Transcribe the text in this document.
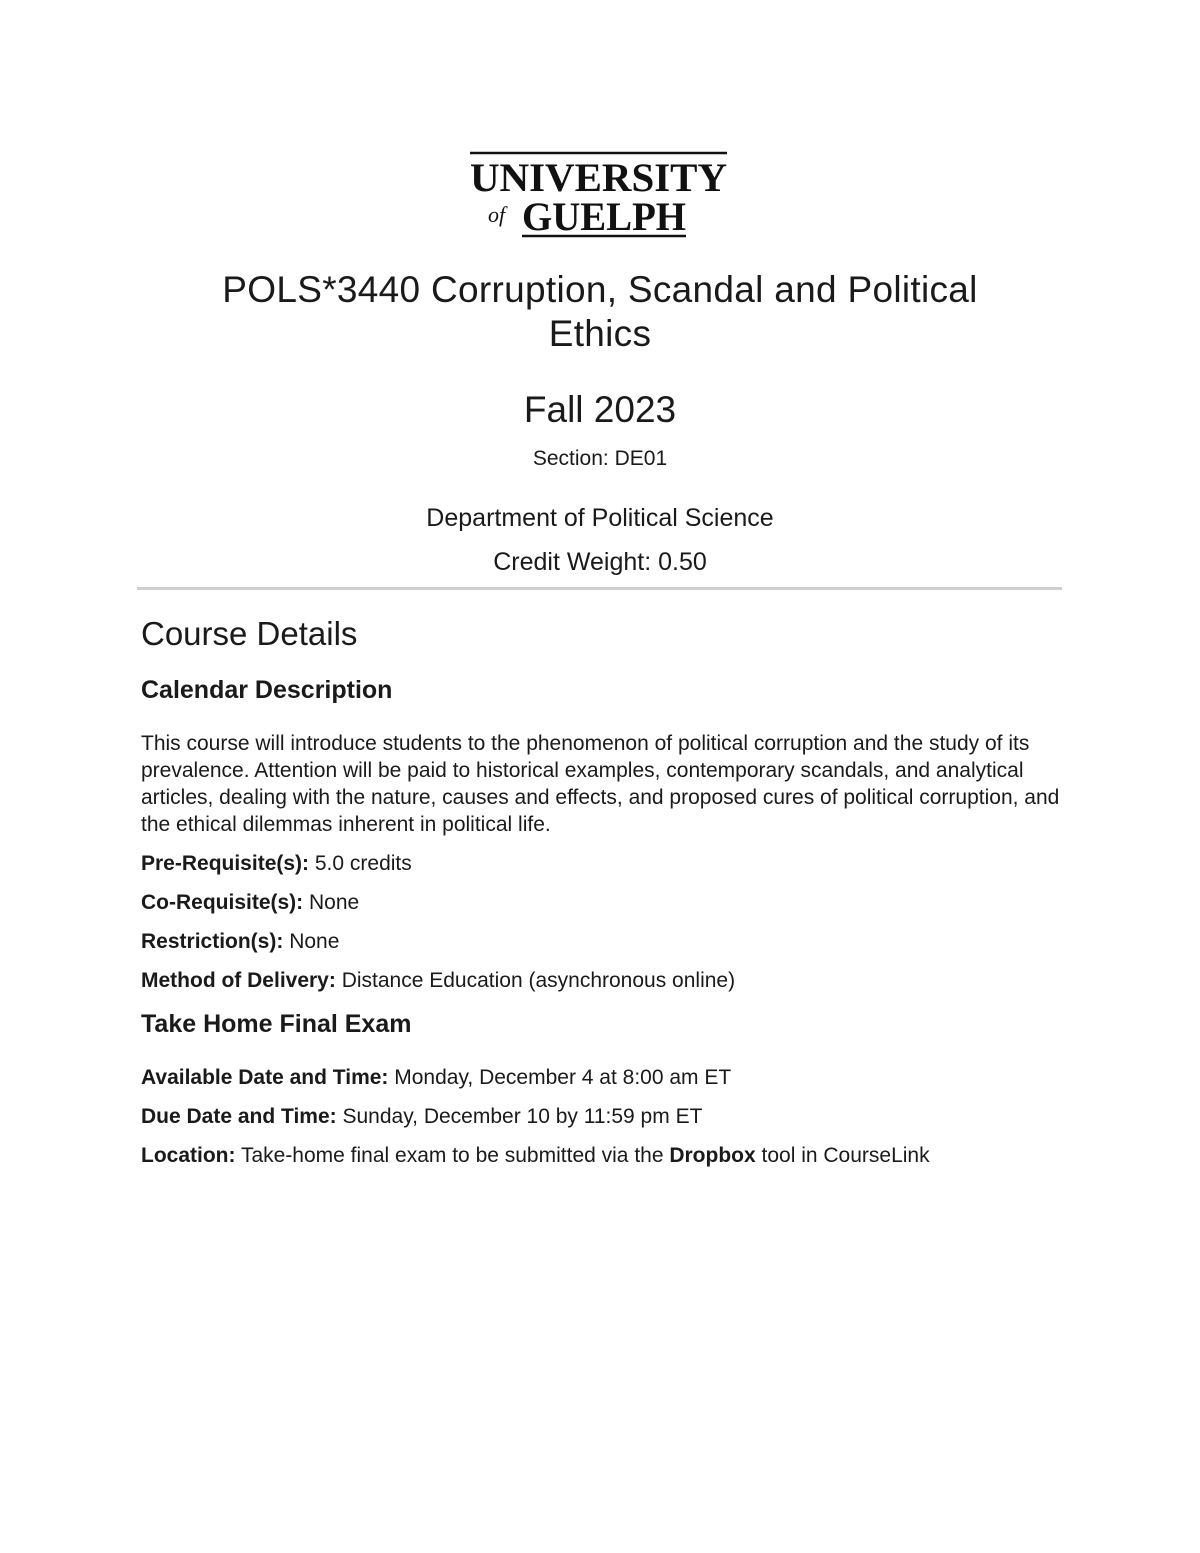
UNIVERSITY
of GUELPH
POLS*3440 Corruption, Scandal and Political Ethics
Fall 2023
Section: DE01
Department of Political Science
Credit Weight: 0.50
Course Details
Calendar Description

This course will introduce students to the phenomenon of political corruption and the study of its prevalence. Attention will be paid to historical examples, contemporary scandals, and analytical articles, dealing with the nature, causes and effects, and proposed cures of political corruption, and the ethical dilemmas inherent in political life.

Pre-Requisite(s): 5.0 credits
Co-Requisite(s): None
Restriction(s): None
Method of Delivery: Distance Education (asynchronous online)
Take Home Final Exam
Available Date and Time: Monday, December 4 at 8:00 am ET
Due Date and Time: Sunday, December 10 by 11:59 pm ET
Location: Take-home final exam to be submitted via the Dropbox tool in CourseLink
